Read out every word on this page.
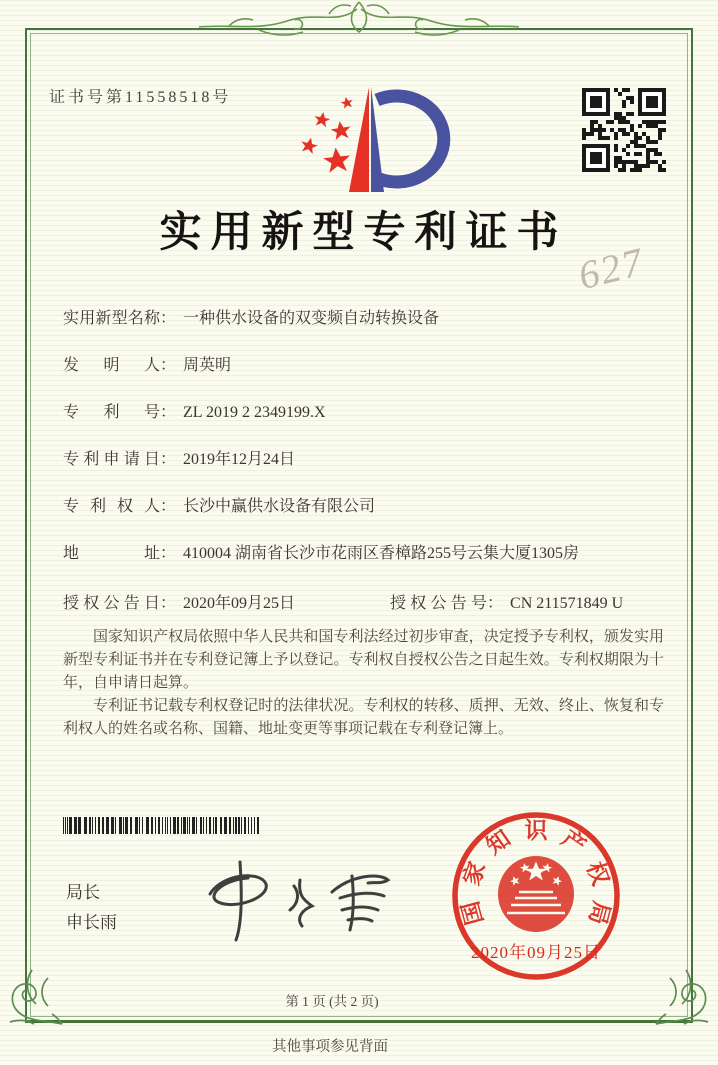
证书号第11558518号
实用新型专利证书
627
实用新型名称： 一种供水设备的双变频自动转换设备
发明人： 周英明
专利号： ZL 2019 2 2349199.X
专利申请日： 2019年12月24日
专利权人： 长沙中赢供水设备有限公司
地址： 410004 湖南省长沙市花雨区香樟路255号云集大厦1305房
授权公告日： 2020年09月25日	授权公告号： CN 211571849 U

国家知识产权局依照中华人民共和国专利法经过初步审查，决定授予专利权，颁发实用新型专利证书并在专利登记簿上予以登记。专利权自授权公告之日起生效。专利权期限为十年，自申请日起算。

专利证书记载专利权登记时的法律状况。专利权的转移、质押、无效、终止、恢复和专利权人的姓名或名称、国籍、地址变更等事项记载在专利登记簿上。

局长
申长雨	国
家
知 识 产
权
局
2020年09月25日
第 1 页 (共 2 页)
其他事项参见背面
